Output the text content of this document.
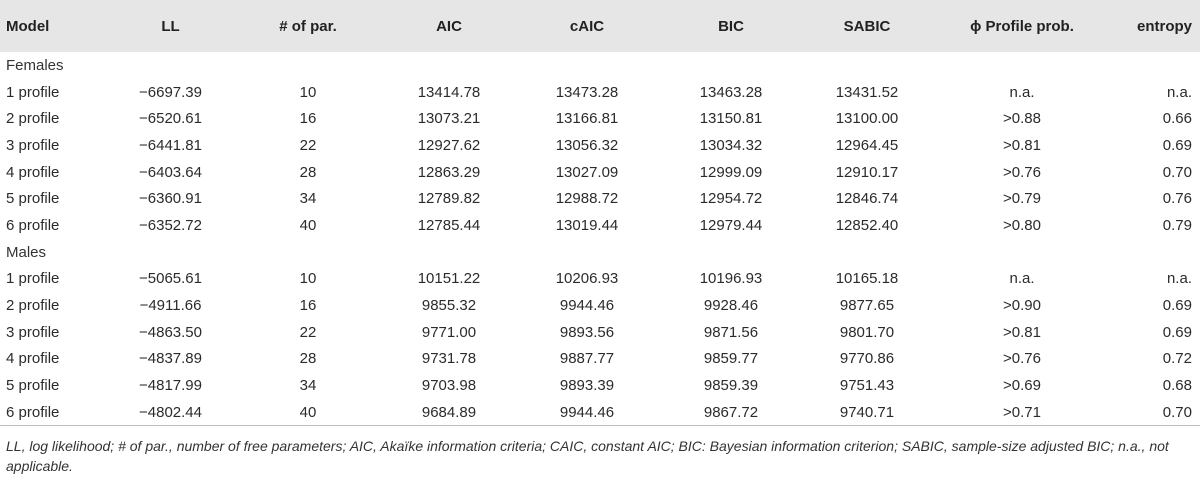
Model	LL	# of par.	AIC	cAIC	BIC	SABIC	ϕ Profile prob.	entropy
Females								
1 profile	−6697.39	10	13414.78	13473.28	13463.28	13431.52	n.a.	n.a.
2 profile	−6520.61	16	13073.21	13166.81	13150.81	13100.00	>0.88	0.66
3 profile	−6441.81	22	12927.62	13056.32	13034.32	12964.45	>0.81	0.69
4 profile	−6403.64	28	12863.29	13027.09	12999.09	12910.17	>0.76	0.70
5 profile	−6360.91	34	12789.82	12988.72	12954.72	12846.74	>0.79	0.76
6 profile	−6352.72	40	12785.44	13019.44	12979.44	12852.40	>0.80	0.79
Males								
1 profile	−5065.61	10	10151.22	10206.93	10196.93	10165.18	n.a.	n.a.
2 profile	−4911.66	16	9855.32	9944.46	9928.46	9877.65	>0.90	0.69
3 profile	−4863.50	22	9771.00	9893.56	9871.56	9801.70	>0.81	0.69
4 profile	−4837.89	28	9731.78	9887.77	9859.77	9770.86	>0.76	0.72
5 profile	−4817.99	34	9703.98	9893.39	9859.39	9751.43	>0.69	0.68
6 profile	−4802.44	40	9684.89	9944.46	9867.72	9740.71	>0.71	0.70

LL, log likelihood; # of par., number of free parameters; AIC, Akaïke information criteria; CAIC, constant AIC; BIC: Bayesian information criterion; SABIC, sample-size adjusted BIC; n.a., not applicable.
